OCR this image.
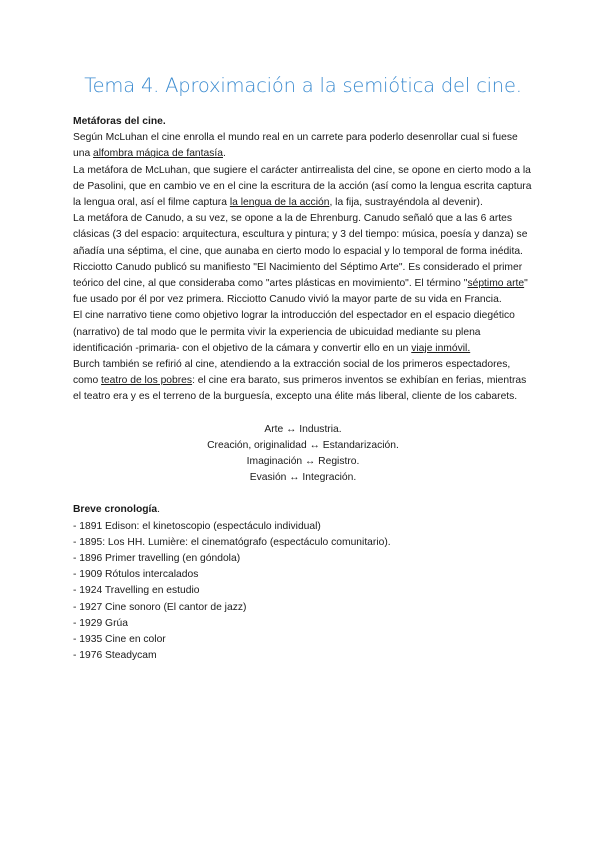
Tema 4. Aproximación a la semiótica del cine.

Metáforas del cine.

Según McLuhan el cine enrolla el mundo real en un carrete para poderlo desenrollar cual si fuese una alfombra mágica de fantasía.

La metáfora de McLuhan, que sugiere el carácter antirrealista del cine, se opone en cierto modo a la de Pasolini, que en cambio ve en el cine la escritura de la acción (así como la lengua escrita captura la lengua oral, así el filme captura la lengua de la acción, la fija, sustrayéndola al devenir).

La metáfora de Canudo, a su vez, se opone a la de Ehrenburg. Canudo señaló que a las 6 artes clásicas (3 del espacio: arquitectura, escultura y pintura; y 3 del tiempo: música, poesía y danza) se añadía una séptima, el cine, que aunaba en cierto modo lo espacial y lo temporal de forma inédita. Ricciotto Canudo publicó su manifiesto "El Nacimiento del Séptimo Arte". Es considerado el primer teórico del cine, al que consideraba como "artes plásticas en movimiento". El término "séptimo arte" fue usado por él por vez primera. Ricciotto Canudo vivió la mayor parte de su vida en Francia.

El cine narrativo tiene como objetivo lograr la introducción del espectador en el espacio diegético (narrativo) de tal modo que le permita vivir la experiencia de ubicuidad mediante su plena identificación -primaria- con el objetivo de la cámara y convertir ello en un viaje inmóvil.

Burch también se refirió al cine, atendiendo a la extracción social de los primeros espectadores, como teatro de los pobres: el cine era barato, sus primeros inventos se exhibían en ferias, mientras el teatro era y es el terreno de la burguesía, excepto una élite más liberal, cliente de los cabarets.

Arte ↔ Industria.
Creación, originalidad ↔ Estandarización.
Imaginación ↔ Registro.
Evasión ↔ Integración.

Breve cronología.

- 1891 Edison: el kinetoscopio (espectáculo individual)
- 1895: Los HH. Lumière: el cinematógrafo (espectáculo comunitario).
- 1896 Primer travelling (en góndola)
- 1909 Rótulos intercalados
- 1924 Travelling en estudio
- 1927 Cine sonoro (El cantor de jazz)
- 1929 Grúa
- 1935 Cine en color
- 1976 Steadycam
